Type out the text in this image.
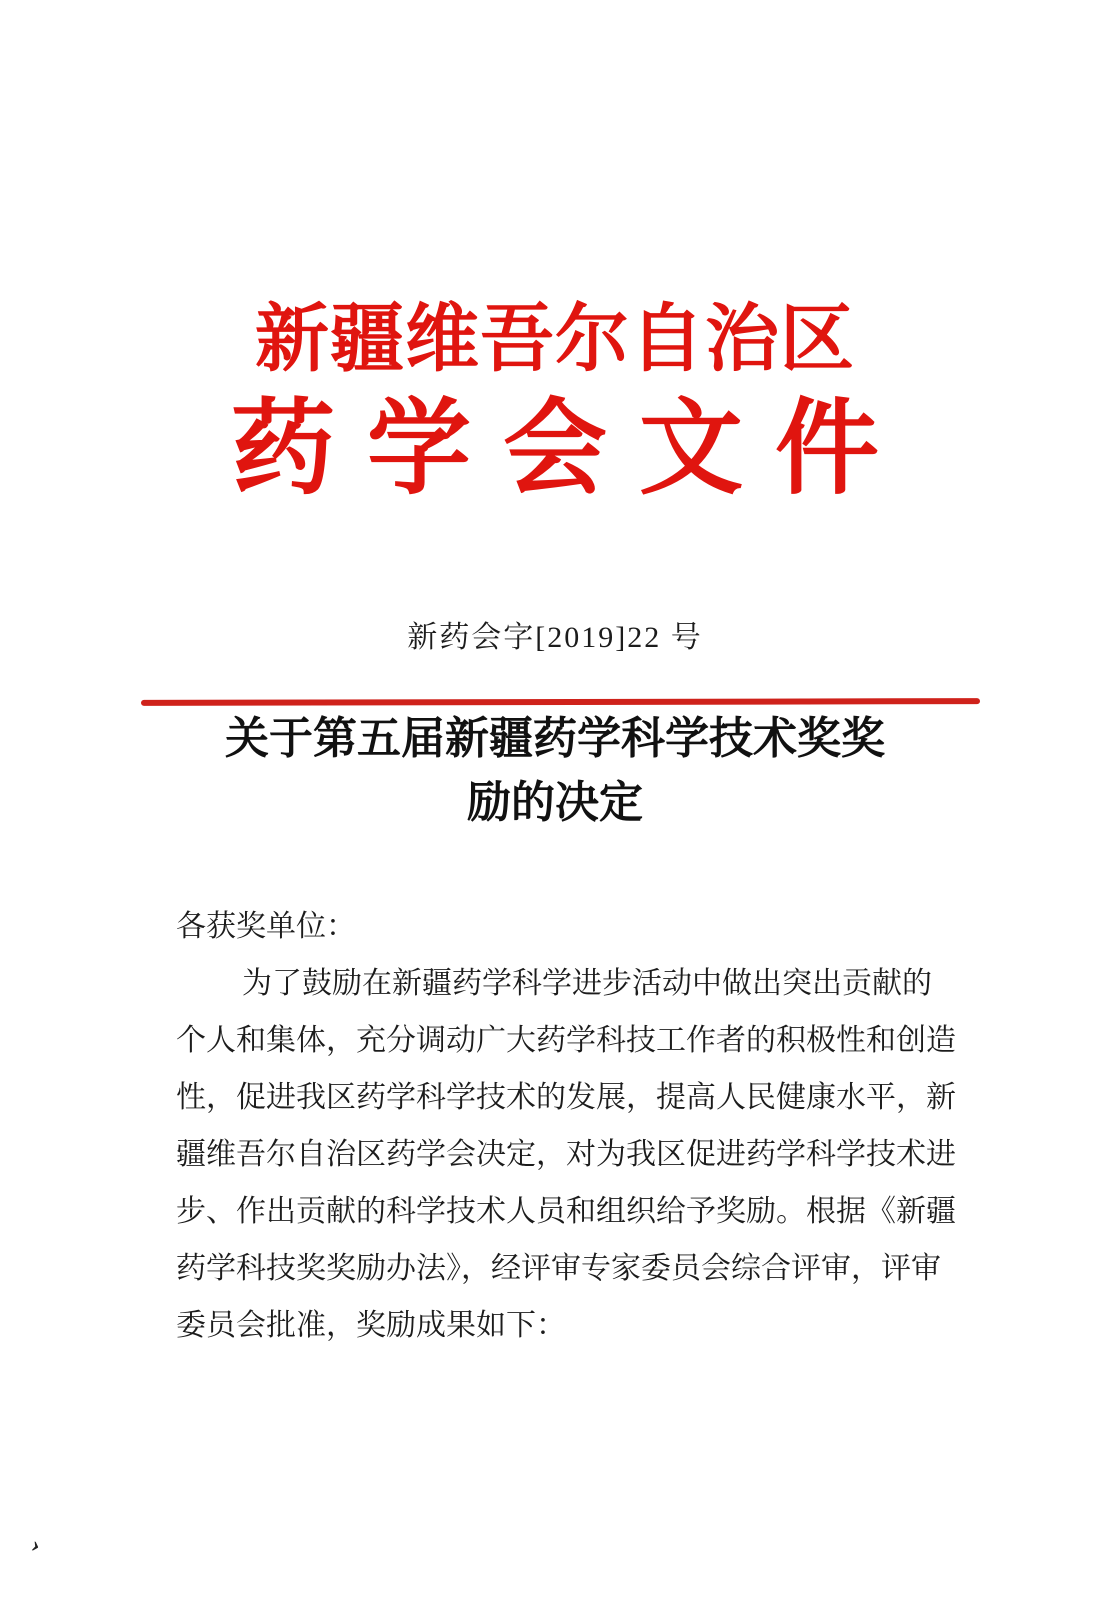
新疆维吾尔自治区
药学会文件
新药会字[2019]22 号
关于第五届新疆药学科学技术奖奖
励的决定
各获奖单位：
为了鼓励在新疆药学科学进步活动中做出突出贡献的
个人和集体，充分调动广大药学科技工作者的积极性和创造
性，促进我区药学科学技术的发展，提高人民健康水平，新
疆维吾尔自治区药学会决定，对为我区促进药学科学技术进
步、作出贡献的科学技术人员和组织给予奖励。根据《新疆
药学科技奖奖励办法》，经评审专家委员会综合评审，评审
委员会批准，奖励成果如下：
›
